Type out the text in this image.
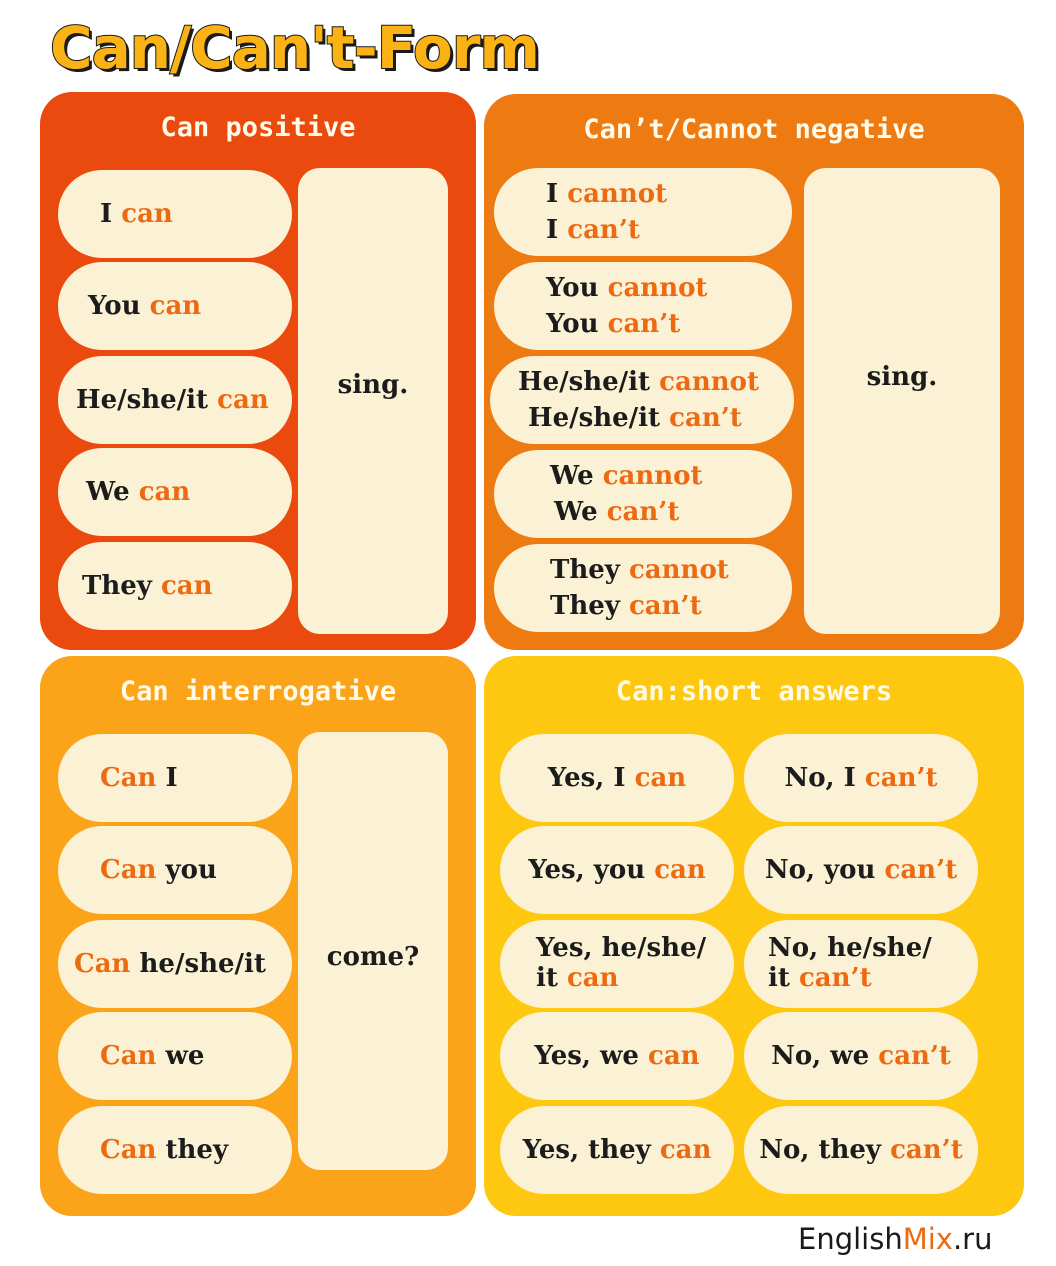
Can/Can't-Form
Can positive
I can
You can
He/she/it can
We can
They can
sing.
Can’t/Cannot negative
I cannot
I can’t
You cannot
You can’t
He/she/it cannot
He/she/it can’t
We cannot
We can’t
They cannot
They can’t
sing.
Can interrogative
Can I
Can you
Can he/she/it
Can we
Can they
come?
Can:short answers
Yes, I can
Yes, you can
Yes, he/she/
it can
Yes, we can
Yes, they can
No, I can’t
No, you can’t
No, he/she/
it can’t
No, we can’t
No, they can’t
EnglishMix.ru
